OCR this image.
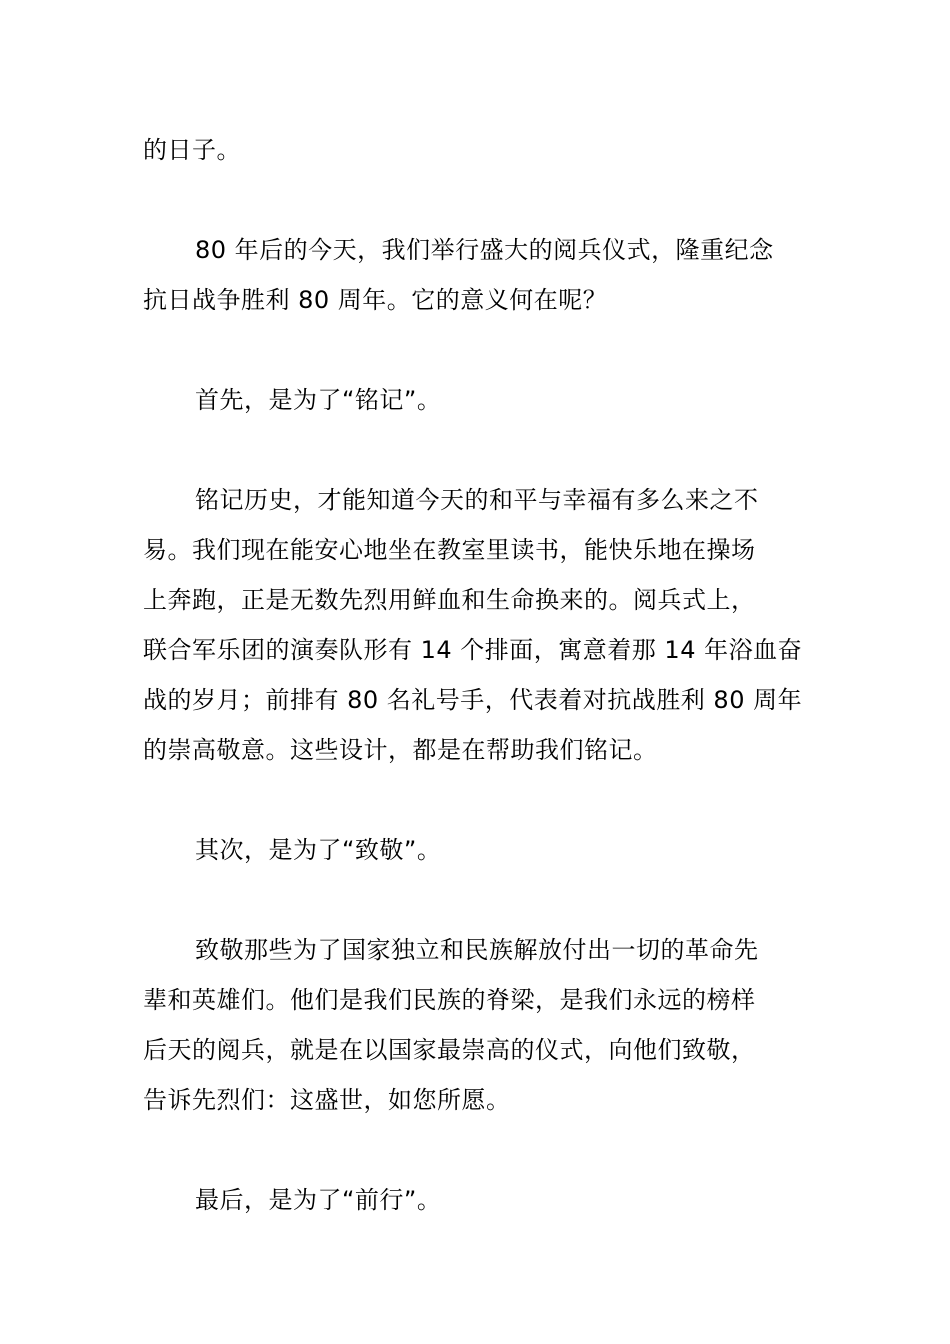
的日子。
80 年后的今天，我们举行盛大的阅兵仪式，隆重纪念
抗日战争胜利 80 周年。它的意义何在呢？
首先，是为了“铭记”。
铭记历史，才能知道今天的和平与幸福有多么来之不
易。我们现在能安心地坐在教室里读书，能快乐地在操场
上奔跑，正是无数先烈用鲜血和生命换来的。阅兵式上，
联合军乐团的演奏队形有 14 个排面，寓意着那 14 年浴血奋
战的岁月；前排有 80 名礼号手，代表着对抗战胜利 80 周年
的崇高敬意。这些设计，都是在帮助我们铭记。
其次，是为了“致敬”。
致敬那些为了国家独立和民族解放付出一切的革命先
辈和英雄们。他们是我们民族的脊梁，是我们永远的榜样
后天的阅兵，就是在以国家最崇高的仪式，向他们致敬，
告诉先烈们：这盛世，如您所愿。
最后，是为了“前行”。
